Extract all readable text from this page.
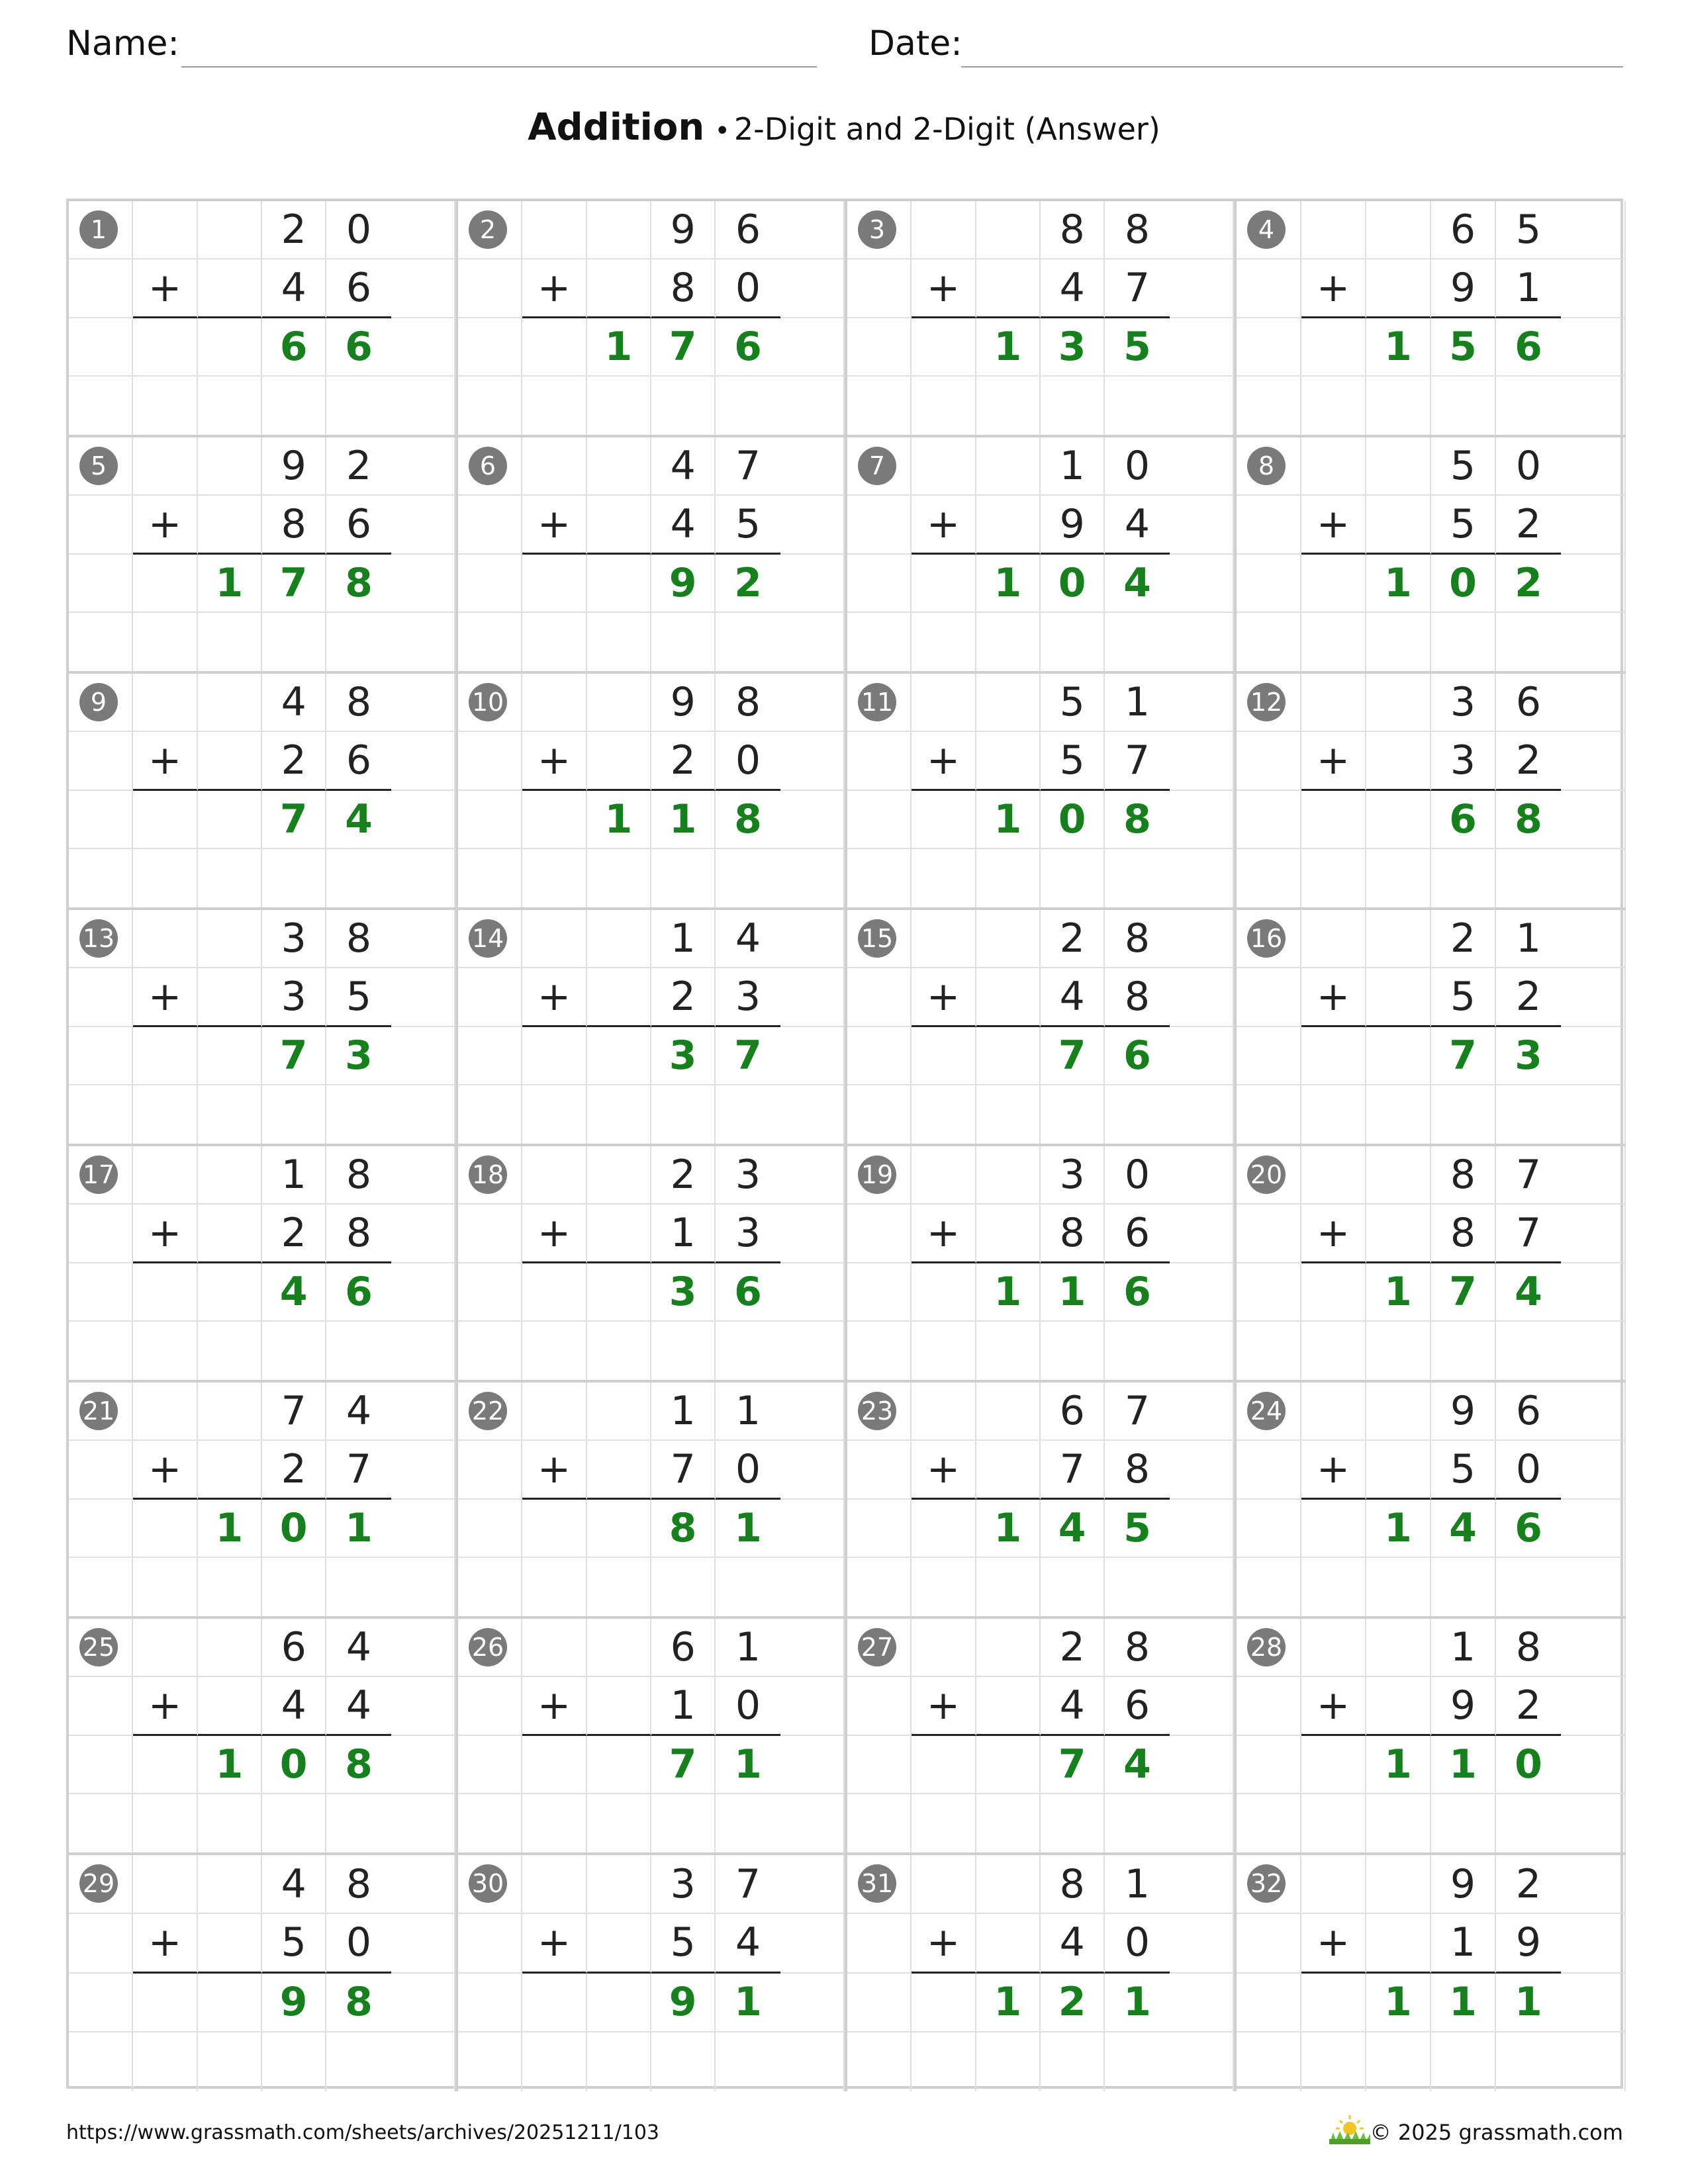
Name:	Date:
Addition • 2-Digit and 2-Digit (Answer)
1	2	0
+	4	6
6 6
2	9	6
+	8	0
1 7 6
3	8	8
+	4	7
1 3 5
4	6	5
+	9	1
1 5 6
5	9	2
+	8	6
1 7 8
6	4	7
+	4	5
9 2
7	1	0
+	9	4
1 0 4
8	5	0
+	5	2
1 0 2
9	4	8
+	2	6
7 4
10	9	8
+	2	0
1 1 8
11	5	1
+	5	7
1 0 8
12	3	6
+	3	2
6 8
13	3	8
+	3	5
7 3
14	1	4
+	2	3
3 7
15	2	8
+	4	8
7 6
16	2	1
+	5	2
7 3
17	1	8
+	2	8
4 6
18	2	3
+	1	3
3 6
19	3	0
+	8	6
1 1 6
20	8	7
+	8	7
1 7 4
21	7	4
+	2	7
1 0 1
22	1	1
+	7	0
8 1
23	6	7
+	7	8
1 4 5
24	9	6
+	5	0
1 4 6
25	6	4
+	4	4
1 0 8
26	6	1
+	1	0
7 1
27	2	8
+	4	6
7 4
28	1	8
+	9	2
1 1 0
29	4	8
+	5	0
9 8
30	3	7
+	5	4
9 1
31	8	1
+	4	0
1 2 1
32	9	2
+	1	9
1 1 1
https://www.grassmath.com/sheets/archives/20251211/103	© 2025 grassmath.com
